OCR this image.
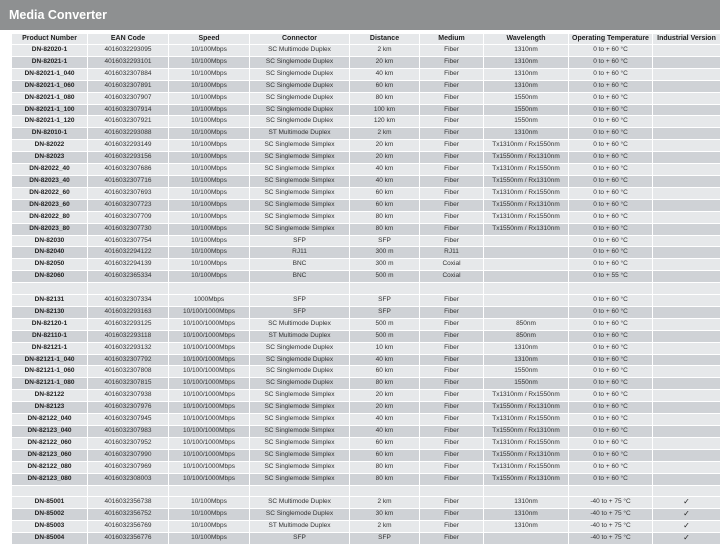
Media Converter
Product Number	EAN Code	Speed	Connector	Distance	Medium	Wavelength	Operating Temperature	Industrial Version
DN-82020-1	4016032293095	10/100Mbps	SC Multimode Duplex	2 km	Fiber	1310nm	0 to + 60 °C	
DN-82021-1	4016032293101	10/100Mbps	SC Singlemode Duplex	20 km	Fiber	1310nm	0 to + 60 °C	
DN-82021-1_040	4016032307884	10/100Mbps	SC Singlemode Duplex	40 km	Fiber	1310nm	0 to + 60 °C	
DN-82021-1_060	4016032307891	10/100Mbps	SC Singlemode Duplex	60 km	Fiber	1310nm	0 to + 60 °C	
DN-82021-1_080	4016032307907	10/100Mbps	SC Singlemode Duplex	80 km	Fiber	1550nm	0 to + 60 °C	
DN-82021-1_100	4016032307914	10/100Mbps	SC Singlemode Duplex	100 km	Fiber	1550nm	0 to + 60 °C	
DN-82021-1_120	4016032307921	10/100Mbps	SC Singlemode Duplex	120 km	Fiber	1550nm	0 to + 60 °C	
DN-82010-1	4016032293088	10/100Mbps	ST Multimode Duplex	2 km	Fiber	1310nm	0 to + 60 °C	
DN-82022	4016032293149	10/100Mbps	SC Singlemode Simplex	20 km	Fiber	Tx1310nm / Rx1550nm	0 to + 60 °C	
DN-82023	4016032293156	10/100Mbps	SC Singlemode Simplex	20 km	Fiber	Tx1550nm / Rx1310nm	0 to + 60 °C	
DN-82022_40	4016032307686	10/100Mbps	SC Singlemode Simplex	40 km	Fiber	Tx1310nm / Rx1550nm	0 to + 60 °C	
DN-82023_40	4016032307716	10/100Mbps	SC Singlemode Simplex	40 km	Fiber	Tx1550nm / Rx1310nm	0 to + 60 °C	
DN-82022_60	4016032307693	10/100Mbps	SC Singlemode Simplex	60 km	Fiber	Tx1310nm / Rx1550nm	0 to + 60 °C	
DN-82023_60	4016032307723	10/100Mbps	SC Singlemode Simplex	60 km	Fiber	Tx1550nm / Rx1310nm	0 to + 60 °C	
DN-82022_80	4016032307709	10/100Mbps	SC Singlemode Simplex	80 km	Fiber	Tx1310nm / Rx1550nm	0 to + 60 °C	
DN-82023_80	4016032307730	10/100Mbps	SC Singlemode Simplex	80 km	Fiber	Tx1550nm / Rx1310nm	0 to + 60 °C	
DN-82030	4016032307754	10/100Mbps	SFP	SFP	Fiber		0 to + 60 °C	
DN-82040	4016032294122	10/100Mbps	RJ11	300 m	RJ11		0 to + 60 °C	
DN-82050	4016032294139	10/100Mbps	BNC	300 m	Coxial		0 to + 60 °C	
DN-82060	4016032365334	10/100Mbps	BNC	500 m	Coxial		0 to + 55 °C	

DN-82131	4016032307334	1000Mbps	SFP	SFP	Fiber		0 to + 60 °C	
DN-82130	4016032293163	10/100/1000Mbps	SFP	SFP	Fiber		0 to + 60 °C	
DN-82120-1	4016032293125	10/100/1000Mbps	SC Multimode Duplex	500 m	Fiber	850nm	0 to + 60 °C	
DN-82110-1	4016032293118	10/100/1000Mbps	ST Multimode Duplex	500 m	Fiber	850nm	0 to + 60 °C	
DN-82121-1	4016032293132	10/100/1000Mbps	SC Singlemode Duplex	10 km	Fiber	1310nm	0 to + 60 °C	
DN-82121-1_040	4016032307792	10/100/1000Mbps	SC Singlemode Duplex	40 km	Fiber	1310nm	0 to + 60 °C	
DN-82121-1_060	4016032307808	10/100/1000Mbps	SC Singlemode Duplex	60 km	Fiber	1550nm	0 to + 60 °C	
DN-82121-1_080	4016032307815	10/100/1000Mbps	SC Singlemode Duplex	80 km	Fiber	1550nm	0 to + 60 °C	
DN-82122	4016032307938	10/100/1000Mbps	SC Singlemode Simplex	20 km	Fiber	Tx1310nm / Rx1550nm	0 to + 60 °C	
DN-82123	4016032307976	10/100/1000Mbps	SC Singlemode Simplex	20 km	Fiber	Tx1550nm / Rx1310nm	0 to + 60 °C	
DN-82122_040	4016032307945	10/100/1000Mbps	SC Singlemode Simplex	40 km	Fiber	Tx1310nm / Rx1550nm	0 to + 60 °C	
DN-82123_040	4016032307983	10/100/1000Mbps	SC Singlemode Simplex	40 km	Fiber	Tx1550nm / Rx1310nm	0 to + 60 °C	
DN-82122_060	4016032307952	10/100/1000Mbps	SC Singlemode Simplex	60 km	Fiber	Tx1310nm / Rx1550nm	0 to + 60 °C	
DN-82123_060	4016032307990	10/100/1000Mbps	SC Singlemode Simplex	60 km	Fiber	Tx1550nm / Rx1310nm	0 to + 60 °C	
DN-82122_080	4016032307969	10/100/1000Mbps	SC Singlemode Simplex	80 km	Fiber	Tx1310nm / Rx1550nm	0 to + 60 °C	
DN-82123_080	4016032308003	10/100/1000Mbps	SC Singlemode Simplex	80 km	Fiber	Tx1550nm / Rx1310nm	0 to + 60 °C	

DN-85001	4016032356738	10/100Mbps	SC Multimode Duplex	2 km	Fiber	1310nm	-40 to + 75 °C	✓
DN-85002	4016032356752	10/100Mbps	SC Singlemode Duplex	30 km	Fiber	1310nm	-40 to + 75 °C	✓
DN-85003	4016032356769	10/100Mbps	ST Multimode Duplex	2 km	Fiber	1310nm	-40 to + 75 °C	✓
DN-85004	4016032356776	10/100Mbps	SFP	SFP	Fiber		-40 to + 75 °C	✓
